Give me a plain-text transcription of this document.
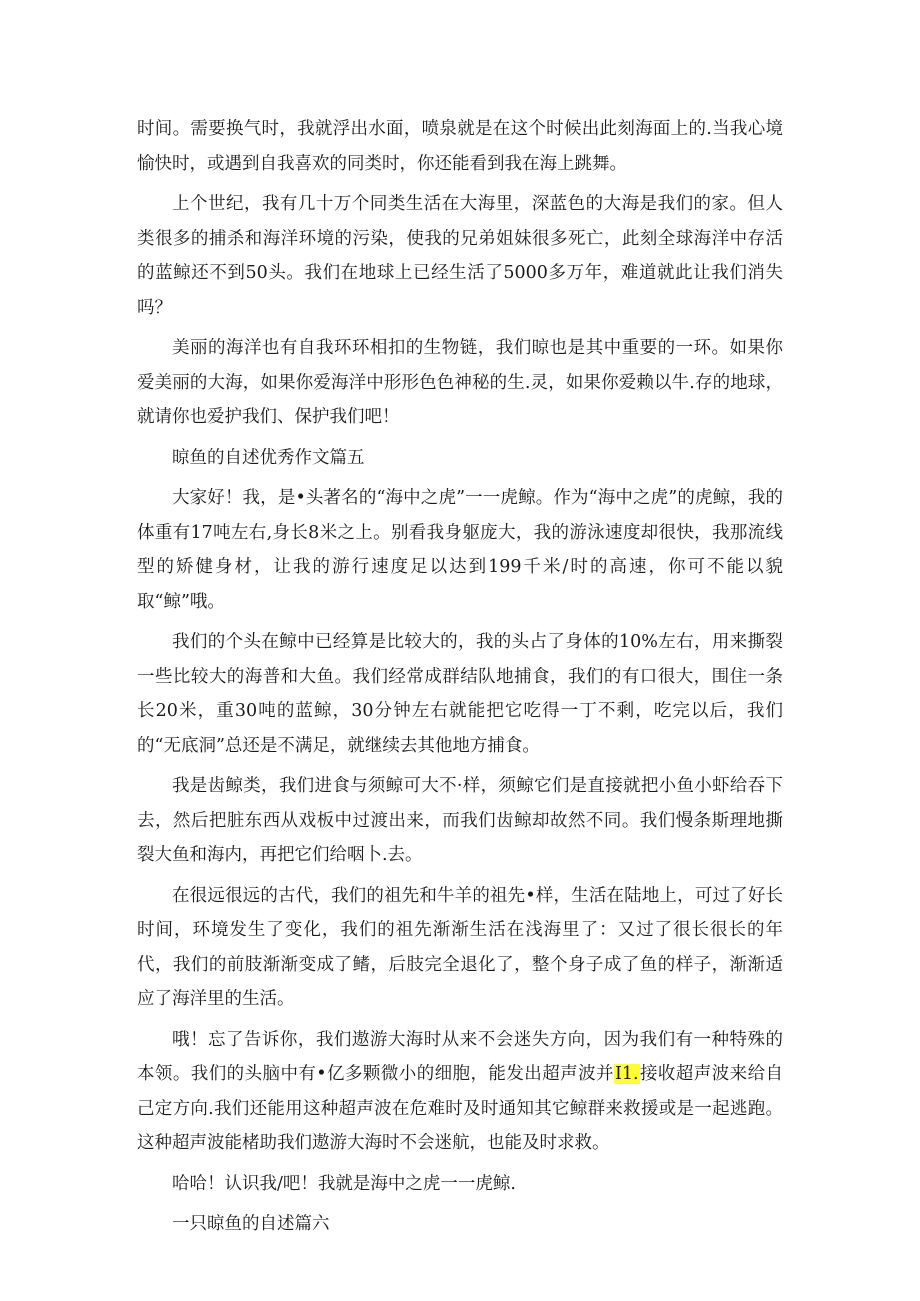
时间。需要换气时，我就浮出水面，喷泉就是在这个时候出此刻海面上的.当我心境愉快时，或遇到自我喜欢的同类时，你还能看到我在海上跳舞。

上个世纪，我有几十万个同类生活在大海里，深蓝色的大海是我们的家。但人类很多的捕杀和海洋环境的污染，使我的兄弟姐妹很多死亡，此刻全球海洋中存活的蓝鲸还不到50头。我们在地球上已经生活了5000多万年，难道就此让我们消失吗？

美丽的海洋也有自我环环相扣的生物链，我们晾也是其中重要的一环。如果你爱美丽的大海，如果你爱海洋中形形色色神秘的生.灵，如果你爱赖以牛.存的地球，就请你也爱护我们、保护我们吧！

晾鱼的自述优秀作文篇五

大家好！我，是•头著名的“海中之虎”一一虎鲸。作为“海中之虎”的虎鲸，我的体重有17吨左右,身长8米之上。别看我身躯庞大，我的游泳速度却很快，我那流线型的矫健身材，让我的游行速度足以达到199千米/时的高速，你可不能以貌取“鲸”哦。

我们的个头在鲸中已经算是比较大的，我的头占了身体的10%左右，用来撕裂一些比较大的海普和大鱼。我们经常成群结队地捕食，我们的有口很大，围住一条长20米，重30吨的蓝鲸，30分钟左右就能把它吃得一丁不剩，吃完以后，我们的“无底洞”总还是不满足，就继续去其他地方捕食。

我是齿鲸类，我们进食与须鲸可大不·样，须鲸它们是直接就把小鱼小虾给吞下去，然后把脏东西从戏板中过渡出来，而我们齿鲸却故然不同。我们慢条斯理地撕裂大鱼和海内，再把它们给咽卜.去。

在很远很远的古代，我们的祖先和牛羊的祖先•样，生活在陆地上，可过了好长时间，环境发生了变化，我们的祖先渐渐生活在浅海里了：又过了很长很长的年代，我们的前肢渐渐变成了鳍，后肢完全退化了，整个身子成了鱼的样子，渐渐适应了海洋里的生活。

哦！忘了告诉你，我们遨游大海时从来不会迷失方向，因为我们有一种特殊的本领。我们的头脑中有•亿多颗微小的细胞，能发出超声波并I1.接收超声波来给自己定方向.我们还能用这种超声波在危难时及时通知其它鲸群来救援或是一起逃跑。这种超声波能楮助我们遨游大海时不会迷航，也能及时求救。

哈哈！认识我/吧！我就是海中之虎一一虎鲸.

一只晾鱼的自述篇六
